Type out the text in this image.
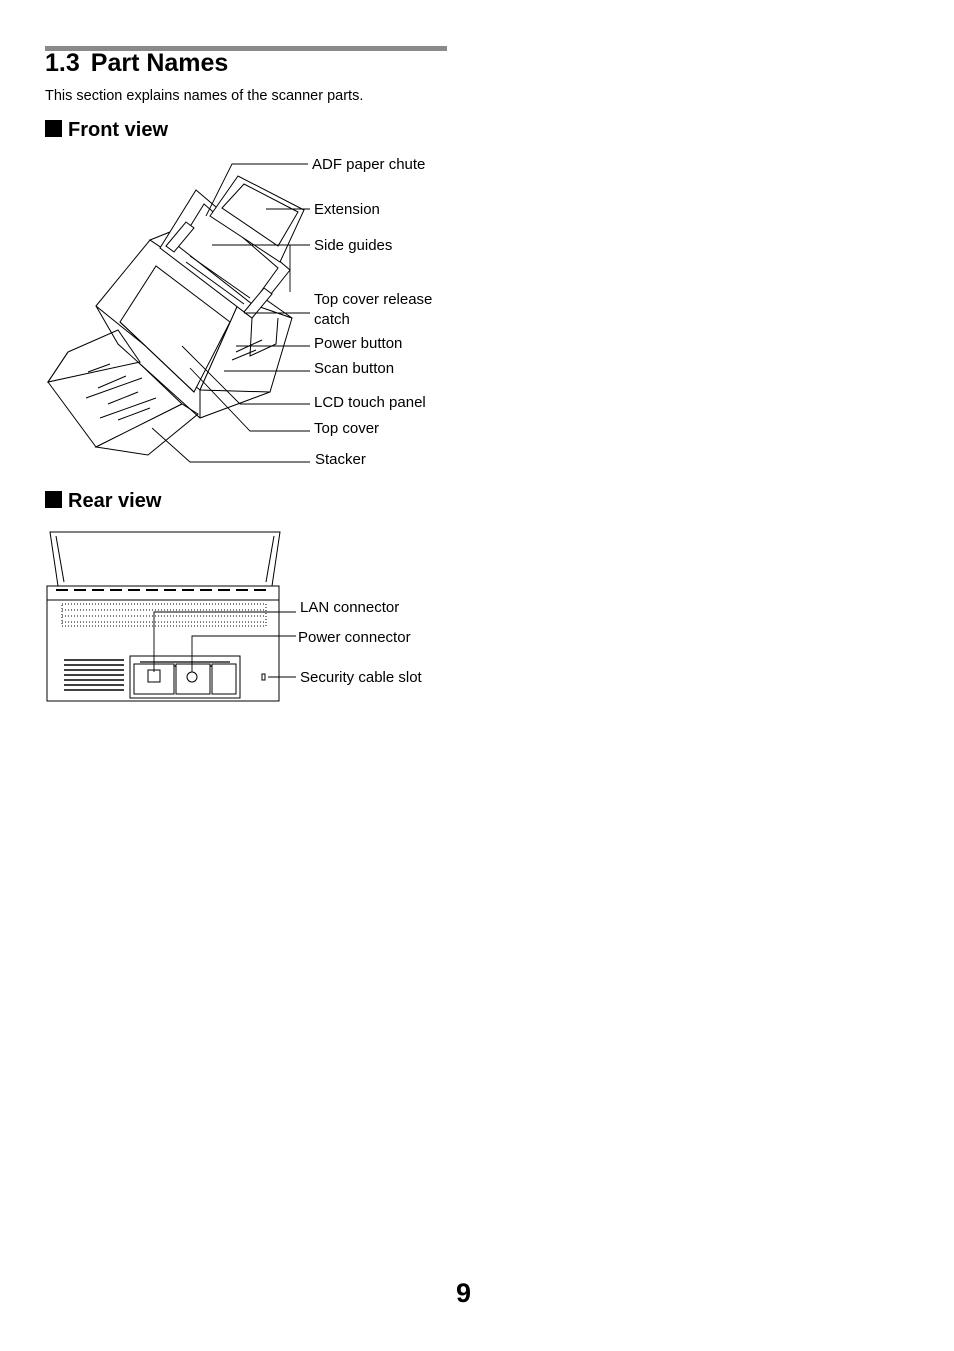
1.3 Part Names
This section explains names of the scanner parts.
Front view
ADF paper chute
Extension
Side guides
Top cover release catch
Power button
Scan button
LCD touch panel
Top cover
Stacker
Rear view
LAN connector
Power connector
Security cable slot
9
